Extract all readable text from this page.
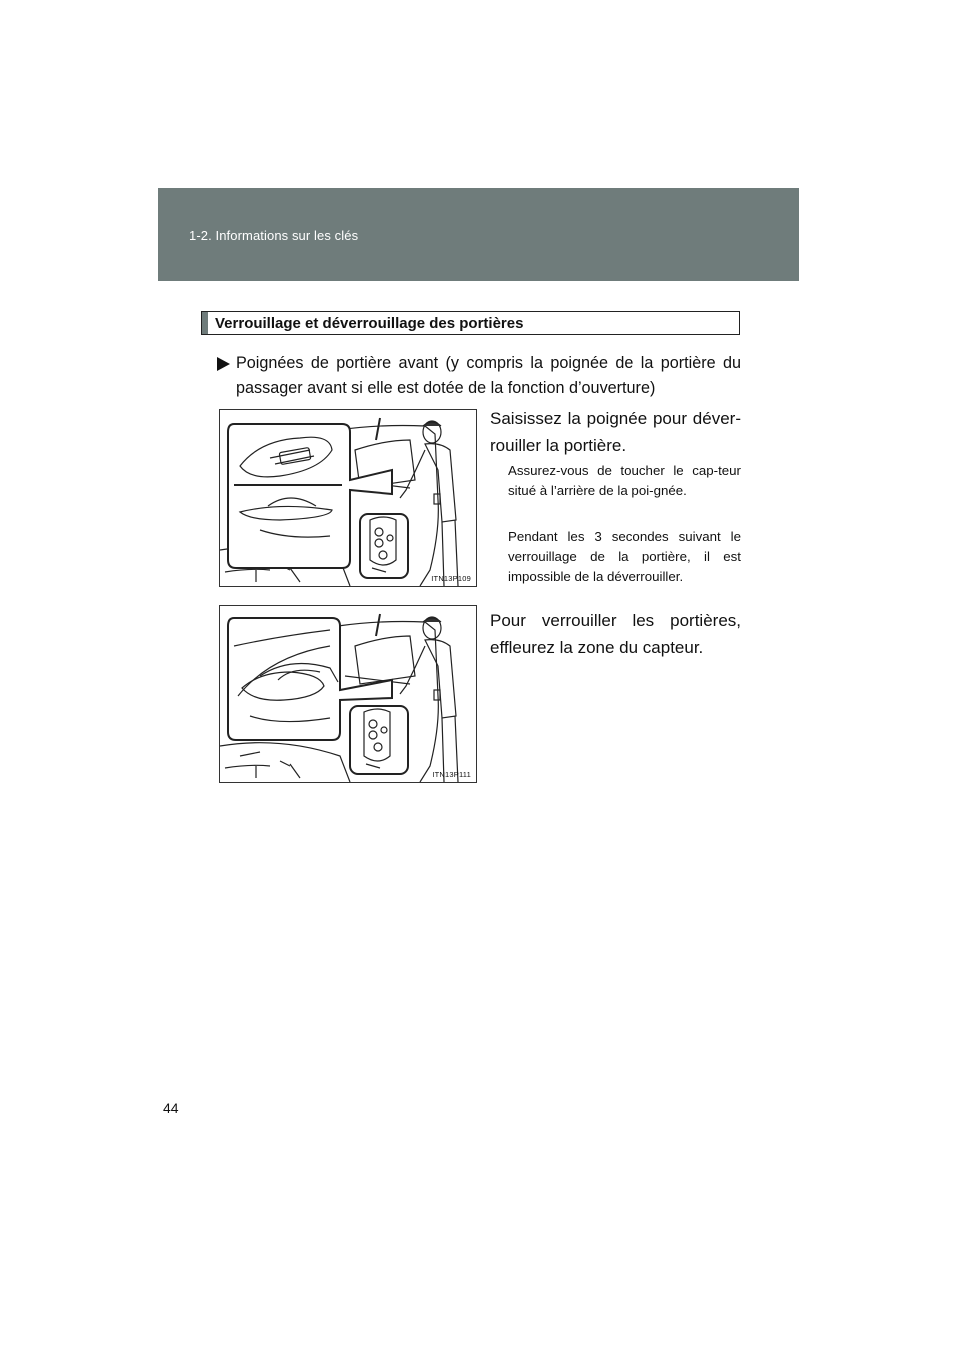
1-2. Informations sur les clés
Verrouillage et déverrouillage des portières
Poignées de portière avant (y compris la poignée de la portière du passager avant si elle est dotée de la fonction d’ouverture)
ITN13P109
ITN13P111
Saisissez la poignée pour déver-rouiller la portière.
Assurez-vous de toucher le cap-teur situé à l’arrière de la poi-gnée.
Pendant les 3 secondes suivant le verrouillage de la portière, il est impossible de la déverrouiller.
Pour verrouiller les portières, effleurez la zone du capteur.
44
